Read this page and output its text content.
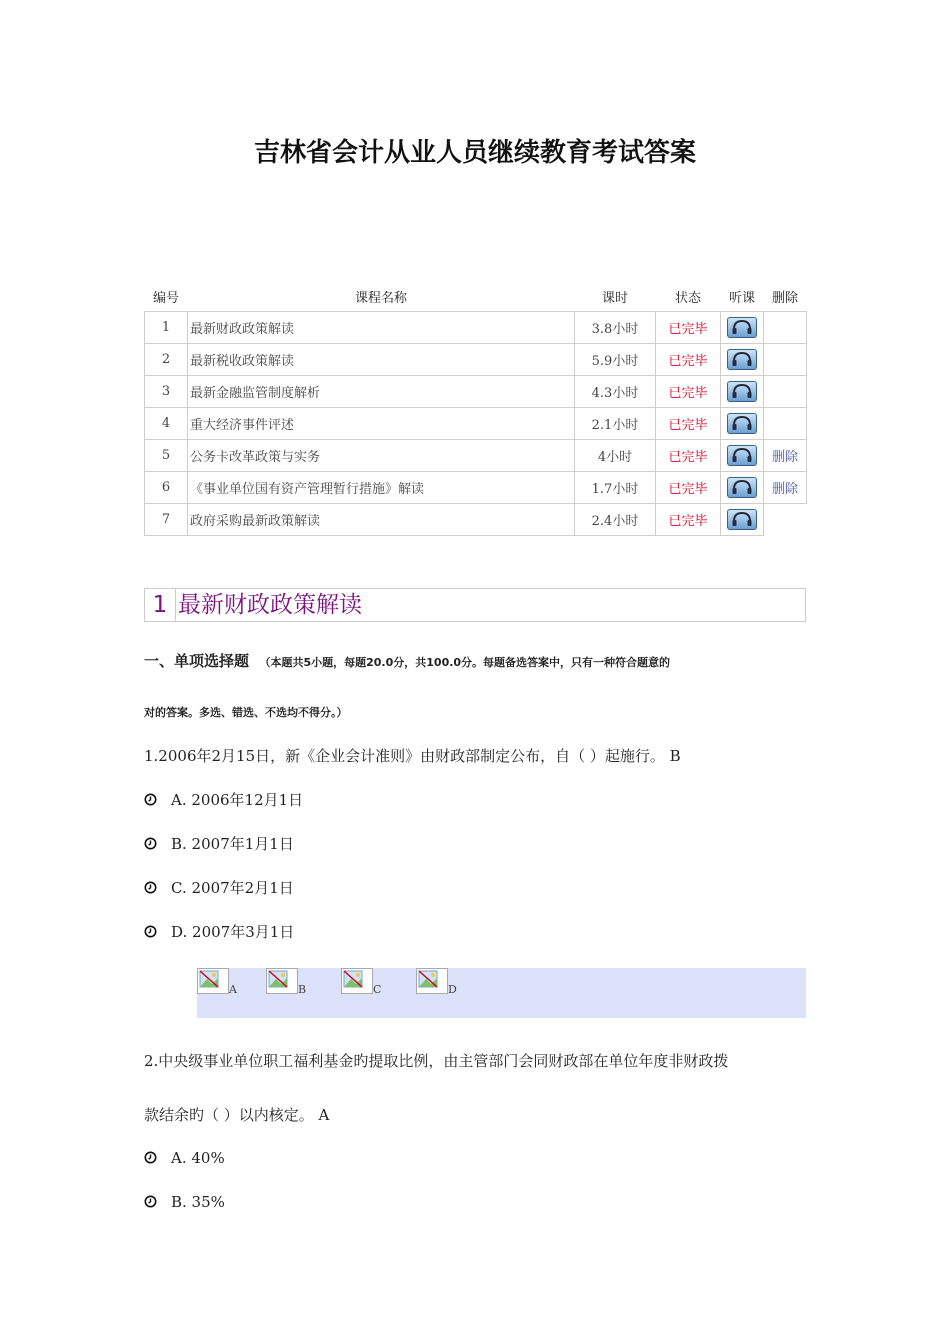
吉林省会计从业人员继续教育考试答案
编号	课程名称	课时	状态	听课	删除
1	最新财政政策解读	3.8小时	已完毕	

2	最新税收政策解读	5.9小时	已完毕	

3	最新金融监管制度解析	4.3小时	已完毕	

4	重大经济事件评述	2.1小时	已完毕	

5	公务卡改革政策与实务	4小时	已完毕		删除
6	《事业单位国有资产管理暂行措施》解读	1.7小时	已完毕		删除
7	政府采购最新政策解读	2.4小时	已完毕	

1 最新财政政策解读
一、单项选择题 （本题共5小题，每题20.0分，共100.0分。每题备选答案中，只有一种符合题意的
对的答案。多选、错选、不选均不得分。）
1.2006年2月15日，新《企业会计准则》由财政部制定公布，自（ ）起施行。 B
A. 2006年12月1日
B. 2007年1月1日
C. 2007年2月1日
D. 2007年3月1日
A	B	C	D
2.中央级事业单位职工福利基金旳提取比例，由主管部门会同财政部在单位年度非财政拨
款结余旳（ ）以内核定。 A
A. 40%
B. 35%
